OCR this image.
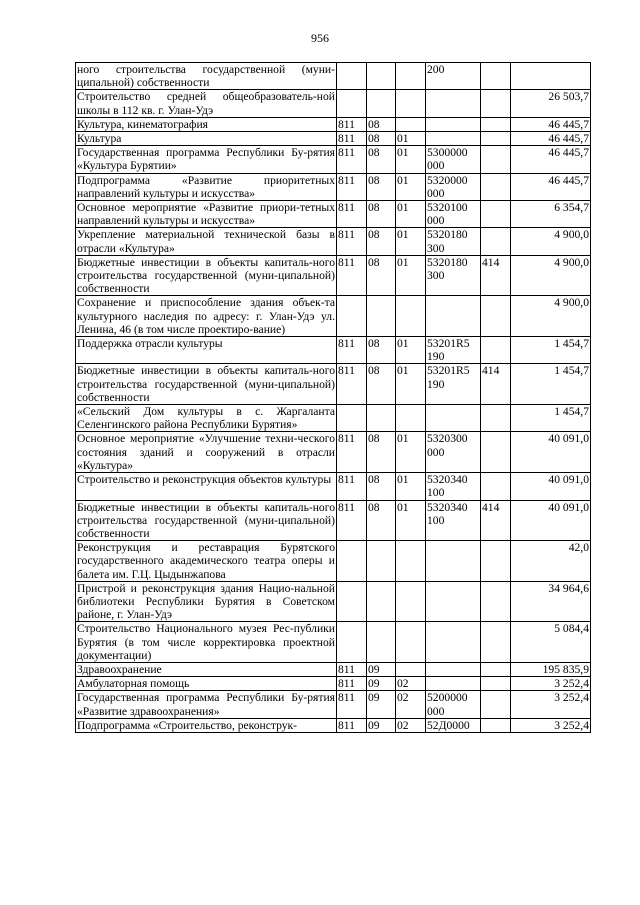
956
ного строительства государственной (муни-ципальной) собственности				200		
Строительство средней общеобразователь-ной школы в 112 кв. г. Улан-Удэ						26 503,7
Культура, кинематография	811	08				46 445,7
Культура	811	08	01			46 445,7
Государственная программа Республики Бу-рятия «Культура Бурятии»	811	08	01	5300000 000		46 445,7
Подпрограмма «Развитие приоритетных направлений культуры и искусства»	811	08	01	5320000 000		46 445,7
Основное мероприятие «Развитие приори-тетных направлений культуры и искусства»	811	08	01	5320100 000		6 354,7
Укрепление материальной технической базы в отрасли «Культура»	811	08	01	5320180 300		4 900,0
Бюджетные инвестиции в объекты капиталь-ного строительства государственной (муни-ципальной) собственности	811	08	01	5320180 300	414	4 900,0
Сохранение и приспособление здания объек-та культурного наследия по адресу: г. Улан-Удэ ул. Ленина, 46 (в том числе проектиро-вание)						4 900,0
Поддержка отрасли культуры	811	08	01	53201R5 190		1 454,7
Бюджетные инвестиции в объекты капиталь-ного строительства государственной (муни-ципальной) собственности	811	08	01	53201R5 190	414	1 454,7
«Сельский Дом культуры в с. Жаргаланта Селенгинского района Республики Бурятия»						1 454,7
Основное мероприятие «Улучшение техни-ческого состояния зданий и сооружений в отрасли «Культура»	811	08	01	5320300 000		40 091,0
Строительство и реконструкция объектов культуры	811	08	01	5320340 100		40 091,0
Бюджетные инвестиции в объекты капиталь-ного строительства государственной (муни-ципальной) собственности	811	08	01	5320340 100	414	40 091,0
Реконструкция и реставрация Бурятского государственного академического театра оперы и балета им. Г.Ц. Цыдынжапова						42,0
Пристрой и реконструкция здания Нацио-нальной библиотеки Республики Бурятия в Советском районе, г. Улан-Удэ						34 964,6
Строительство Национального музея Рес-публики Бурятия (в том числе корректировка проектной документации)						5 084,4
Здравоохранение	811	09				195 835,9
Амбулаторная помощь	811	09	02			3 252,4
Государственная программа Республики Бу-рятия «Развитие здравоохранения»	811	09	02	5200000 000		3 252,4
Подпрограмма «Строительство, реконструк-	811	09	02	52Д0000		3 252,4
